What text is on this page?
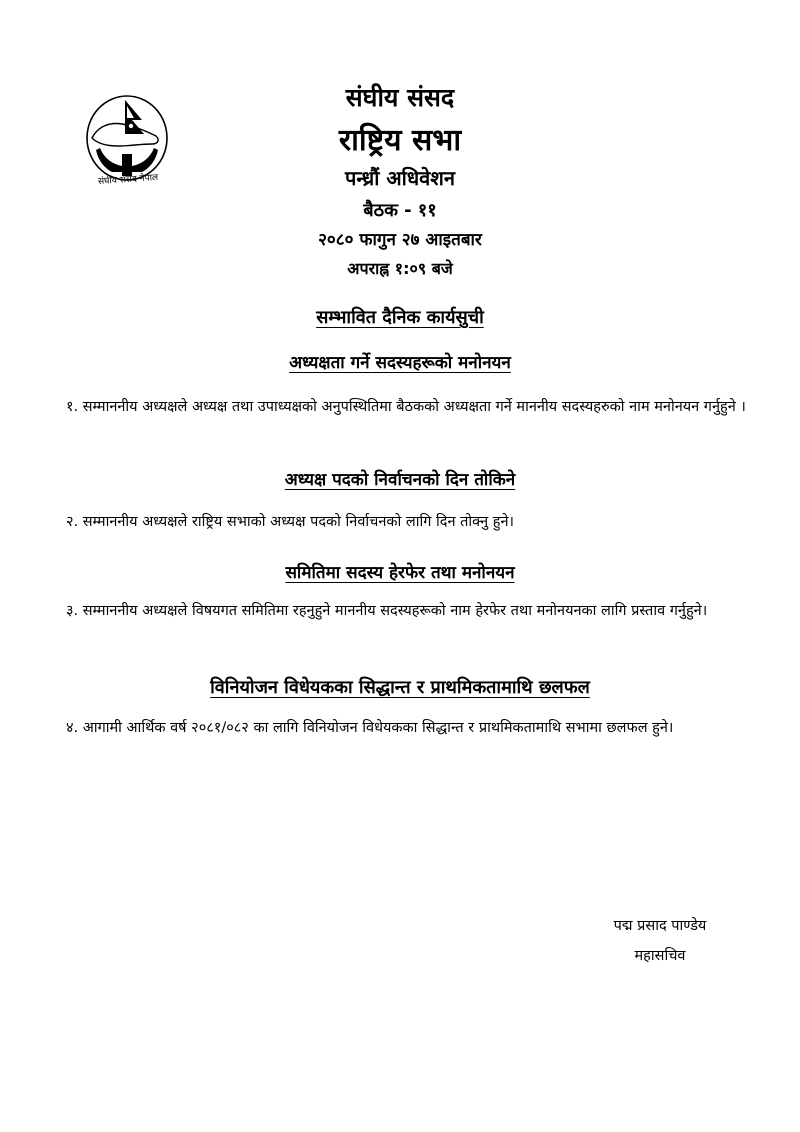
संघीय संसद नेपाल
संघीय संसद
राष्ट्रिय सभा
पन्ध्रौं अधिवेशन
बैठक - ११
२०८० फागुन २७ आइतबार
अपराह्न १:०९ बजे
सम्भावित दैनिक कार्यसुची
अध्यक्षता गर्ने सदस्यहरूको मनोनयन
१. सम्माननीय अध्यक्षले अध्यक्ष तथा उपाध्यक्षको अनुपस्थितिमा बैठकको अध्यक्षता गर्ने माननीय सदस्यहरुको नाम मनोनयन गर्नुहुने ।
अध्यक्ष पदको निर्वाचनको दिन तोकिने
२. सम्माननीय अध्यक्षले राष्ट्रिय सभाको अध्यक्ष पदको निर्वाचनको लागि दिन तोक्नु हुने।
समितिमा सदस्य हेरफेर तथा मनोनयन
३. सम्माननीय अध्यक्षले विषयगत समितिमा रहनुहुने माननीय सदस्यहरूको नाम हेरफेर तथा मनोनयनका लागि प्रस्ताव गर्नुहुने।
विनियोजन विधेयकका सिद्धान्त र प्राथमिकतामाथि छलफल
४. आगामी आर्थिक वर्ष २०८१/०८२ का लागि विनियोजन विधेयकका सिद्धान्त र प्राथमिकतामाथि सभामा छलफल हुने।
पद्म प्रसाद पाण्डेय
महासचिव
